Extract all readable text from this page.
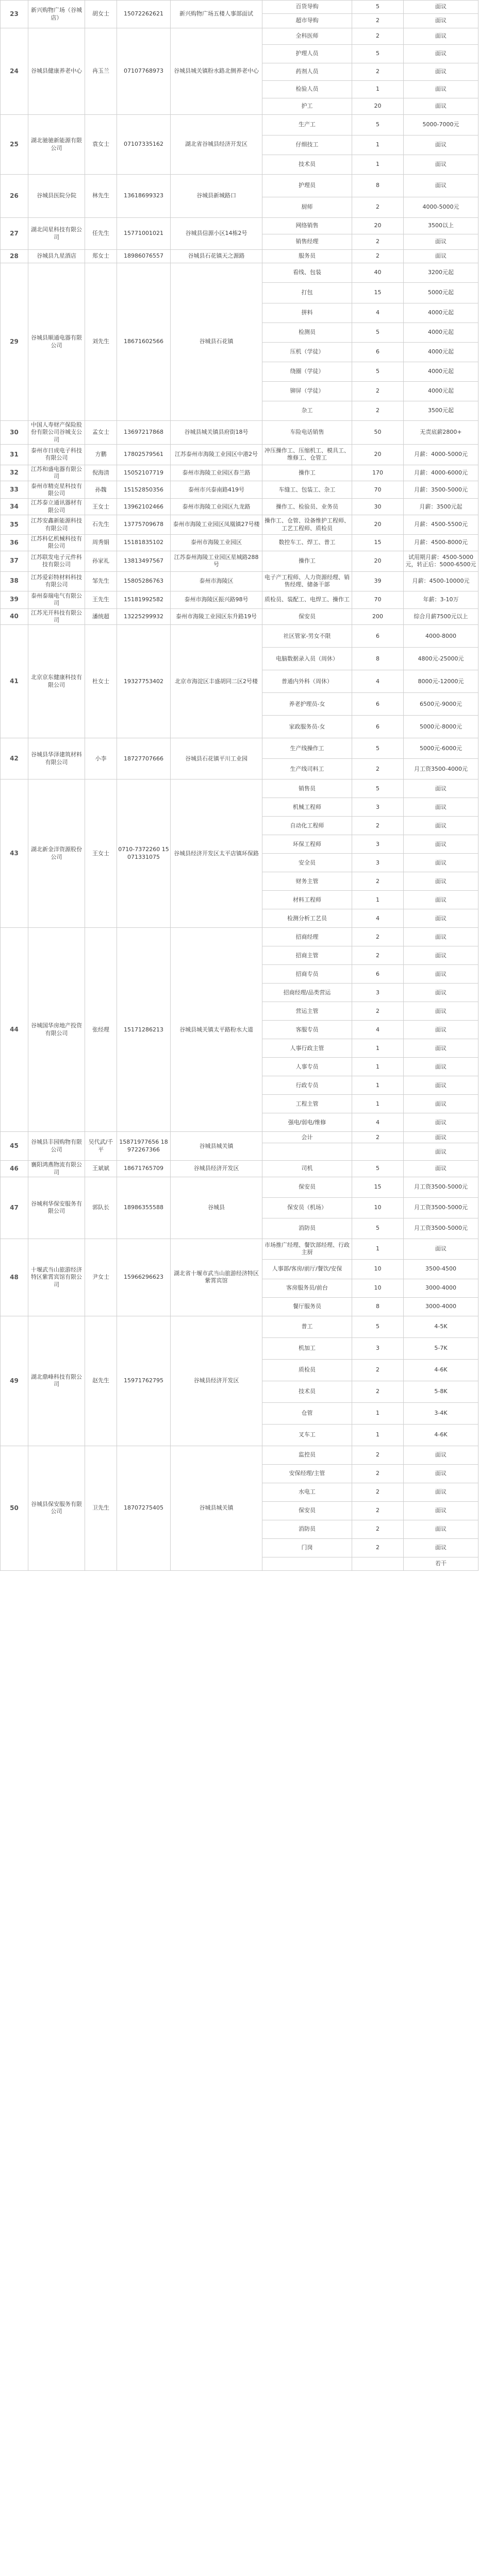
23	新兴购物广场（谷城店）	胡女士	15072262621	新兴购物广场五楼人事部面试	百货导购	5	面议
					超市导购	2	面议
24	谷城县健康养老中心	冉玉兰	07107768973	谷城县城关镇粉水路北侧养老中心	全科医师	2	面议
					护理人员	5	面议
					药剂人员	2	面议
					检验人员	1	面议
					护工	20	面议
25	湖北驰驰新能源有限公司	袁女士	07107335162	湖北省谷城县经济开发区	生产工	5	5000-7000元
					仔细技工	1	面议
					技术员	1	面议
26	谷城县医院分院	林先生	13618699323	谷城县新城路口	护理员	8	面议
					厨师	2	4000-5000元
27	湖北闰星科技有限公司	任先生	15771001021	谷城县信源小区14栋2号	网络销售	20	3500以上
					销售经理	2	面议
28	谷城县九星酒店	郑女士	18986076557	谷城县石花镇天之源路	服务员	2	面议
29	谷城县顺通电器有限公司	刘先生	18671602566	谷城县石花镇	看线、包装	40	3200元起
					打包	15	5000元起
					拼料	4	4000元起
					检测员	5	4000元起
					压机（学徒）	6	4000元起
					绕圈（学徒）	5	4000元起
					铆屏（学徒）	2	4000元起
					杂工	2	3500元起
30	中国人寿财产保险股份有限公司谷城支公司	孟女士	13697217868	谷城县城关镇县府街18号	车险电话销售	50	无责底薪2800+
31	泰州市日成电子科技有限公司	方鹏	17802579561	江苏泰州市海陵工业园区中港2号	冲压操作工、压缩机工、模具工、维修工、仓管工	20	月薪：4000-5000元
32	江苏和盛电器有限公司	倪海清	15052107719	泰州市海陵工业园区春兰路	操作工	170	月薪：4000-6000元
33	泰州市精克星科技有限公司	孙魏	15152850356	泰州市兴泰南路419号	车缝工、包装工、杂工	70	月薪：3500-5000元
34	江苏泰立通讯器材有限公司	王女士	13962102466	泰州市海陵工业园区九龙路	操作工、检验员、业务员	30	月薪：3500元起
35	江苏安鑫新能源科技有限公司	石先生	13775709678	泰州市海陵工业园区凤凰镇27号楼	操作工、仓管、设备维护工程师、工艺工程师、质检员	20	月薪：4500-5500元
36	江苏科亿机械科技有限公司	周秀娟	15181835102	泰州市海陵工业园区	数控车工、焊工、普工	15	月薪：4500-8000元
37	江苏联发电子元件科技有限公司	孙家礼	13813497567	江苏泰州海陵工业园区星城路288号	操作工	20	试用期月薪：4500-5000元，转正后：5000-6500元
38	江苏爱彩特材料科技有限公司	邹先生	15805286763	泰州市海陵区	电子产工程师、人力资源经理、销售经理、储备干部	39	月薪：4500-10000元
39	泰州泰瑞电气有限公司	王先生	15181992582	泰州市海陵区振兴路98号	质检员、装配工、电焊工、操作工	70	年薪：3-10万
40	江苏光开科技有限公司	潘统超	13225299932	泰州市海陵工业园区东升路19号	保安员	200	综合月薪7500元以上
41	北京京东健康科技有限公司	杜女士	19327753402	北京市海淀区丰盛胡同二区2号楼	社区管家-男女不限	6	4000-8000
					电脑数据录入员（周休）	8	4800元-25000元
					普通内外科（周休）	4	8000元-12000元
					养老护理员-女	6	6500元-9000元
					家政服务员-女	6	5000元-8000元
42	谷城县华泽建筑材料有限公司	小李	18727707666	谷城县石花镇平川工业园	生产线操作工	5	5000元-6000元
					生产线司料工	2	月工资3500-4000元
43	湖北新金洋资源股份公司	王女士	0710-7372260 15071331075	谷城县经济开发区太平店镇环保路	销售员	5	面议
					机械工程师	3	面议
					自动化工程师	2	面议
					环保工程师	3	面议
					安全员	3	面议
					财务主管	2	面议
					材料工程师	1	面议
					检测分析工艺员	4	面议
44	谷城国华房地产投资有限公司	张经理	15171286213	谷城县城关镇太平路粉水大道	招商经理	2	面议
					招商主管	2	面议
					招商专员	6	面议
					招商经理/品类营运	3	面议
					营运主管	2	面议
					客服专员	4	面议
					人事行政主管	1	面议
					人事专员	1	面议
					行政专员	1	面议
					工程主管	1	面议
					强电/弱电/维修	4	面议
45	谷城县丰园购物有限公司	吴代武/千平	15871977656 18972267366	谷城县城关镇	会计	2	面议
							面议
46	襄阳鸿燕物流有限公司	王斌斌	18671765709	谷城县经济开发区	司机	5	面议
47	谷城利华保安服务有限公司	郭队长	18986355588	谷城县	保安员	15	月工资3500-5000元
					保安员（机场）	10	月工资3500-5000元
					消防员	5	月工资3500-5000元
48	十堰武当山旅游经济特区紫霄宾馆有限公司	尹女士	15966296623	湖北省十堰市武当山旅游经济特区紫霄宾馆	市场推广经理、餐饮部经理、行政主厨	1	面议
					人事部/客房/前厅/餐饮/安保	10	3500-4500
					客房服务员/前台	10	3000-4000
					餐厅服务员	8	3000-4000
49	湖北鼎峰科技有限公司	赵先生	15971762795	谷城县经济开发区	普工	5	4-5K
					机加工	3	5-7K
					质检员	2	4-6K
					技术员	2	5-8K
					仓管	1	3-4K
					叉车工	1	4-6K
50	谷城县保安服务有限公司	卫先生	18707275405	谷城县城关镇	监控员	2	面议
					安保经理/主管	2	面议
					水电工	2	面议
					保安员	2	面议
					消防员	2	面议
					门岗	2	面议
							若干
